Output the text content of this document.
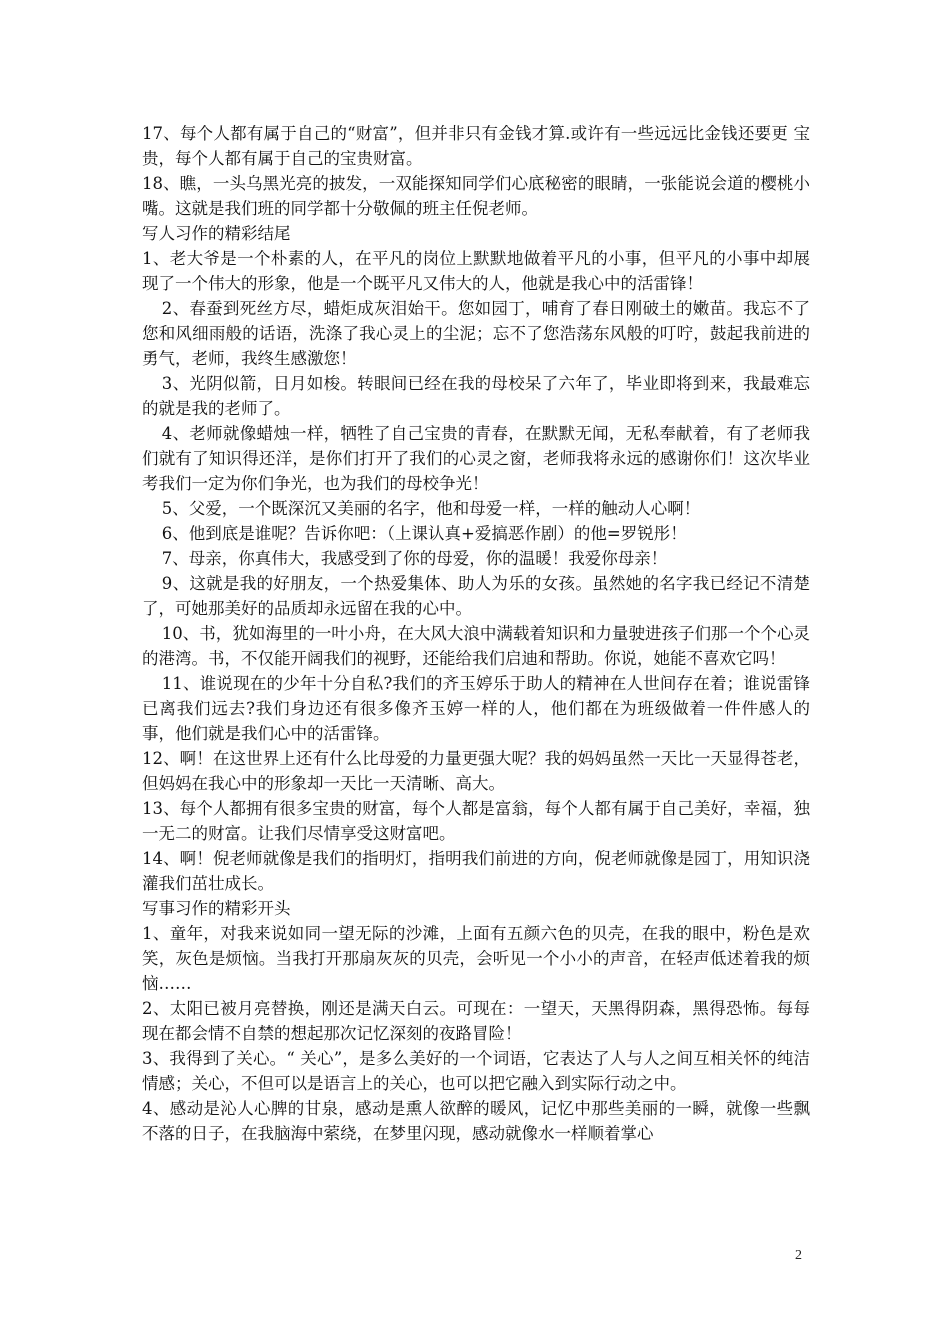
17、每个人都有属于自己的“财富”，但并非只有金钱才算.或许有一些远远比金钱还要更 宝贵，每个人都有属于自己的宝贵财富。

18、瞧，一头乌黑光亮的披发，一双能探知同学们心底秘密的眼睛，一张能说会道的樱桃小嘴。这就是我们班的同学都十分敬佩的班主任倪老师。

写人习作的精彩结尾

1、老大爷是一个朴素的人，在平凡的岗位上默默地做着平凡的小事，但平凡的小事中却展现了一个伟大的形象，他是一个既平凡又伟大的人，他就是我心中的活雷锋！

2、春蚕到死丝方尽，蜡炬成灰泪始干。您如园丁，哺育了春日刚破土的嫩苗。我忘不了您和风细雨般的话语，洗涤了我心灵上的尘泥；忘不了您浩荡东风般的叮咛，鼓起我前进的勇气，老师，我终生感激您！

3、光阴似箭，日月如梭。转眼间已经在我的母校呆了六年了，毕业即将到来，我最难忘的就是我的老师了。

4、老师就像蜡烛一样，牺牲了自己宝贵的青春，在默默无闻，无私奉献着，有了老师我们就有了知识得还洋，是你们打开了我们的心灵之窗，老师我将永远的感谢你们！这次毕业考我们一定为你们争光，也为我们的母校争光！

5、父爱，一个既深沉又美丽的名字，他和母爱一样，一样的触动人心啊！

6、他到底是谁呢？告诉你吧：（上课认真+爱搞恶作剧）的他=罗锐彤！

7、母亲，你真伟大，我感受到了你的母爱，你的温暖！我爱你母亲！

9、这就是我的好朋友，一个热爱集体、助人为乐的女孩。虽然她的名字我已经记不清楚了，可她那美好的品质却永远留在我的心中。

10、书，犹如海里的一叶小舟，在大风大浪中满载着知识和力量驶进孩子们那一个个心灵的港湾。书，不仅能开阔我们的视野，还能给我们启迪和帮助。你说，她能不喜欢它吗！

11、谁说现在的少年十分自私?我们的齐玉婷乐于助人的精神在人世间存在着；谁说雷锋已离我们远去?我们身边还有很多像齐玉婷一样的人，他们都在为班级做着一件件感人的事，他们就是我们心中的活雷锋。

12、啊！在这世界上还有什么比母爱的力量更强大呢？我的妈妈虽然一天比一天显得苍老，但妈妈在我心中的形象却一天比一天清晰、高大。

13、每个人都拥有很多宝贵的财富，每个人都是富翁，每个人都有属于自己美好，幸福，独一无二的财富。让我们尽情享受这财富吧。

14、啊！倪老师就像是我们的指明灯，指明我们前进的方向，倪老师就像是园丁，用知识浇灌我们茁壮成长。

写事习作的精彩开头

1、童年，对我来说如同一望无际的沙滩，上面有五颜六色的贝壳，在我的眼中，粉色是欢笑，灰色是烦恼。当我打开那扇灰灰的贝壳，会听见一个小小的声音，在轻声低述着我的烦恼……

2、太阳已被月亮替换，刚还是满天白云。可现在：一望天，天黑得阴森，黑得恐怖。每每现在都会情不自禁的想起那次记忆深刻的夜路冒险！

3、我得到了关心。“ 关心”，是多么美好的一个词语，它表达了人与人之间互相关怀的纯洁情感；关心，不但可以是语言上的关心，也可以把它融入到实际行动之中。

4、感动是沁人心脾的甘泉，感动是熏人欲醉的暖风，记忆中那些美丽的一瞬，就像一些飘不落的日子，在我脑海中萦绕，在梦里闪现，感动就像水一样顺着掌心

2
